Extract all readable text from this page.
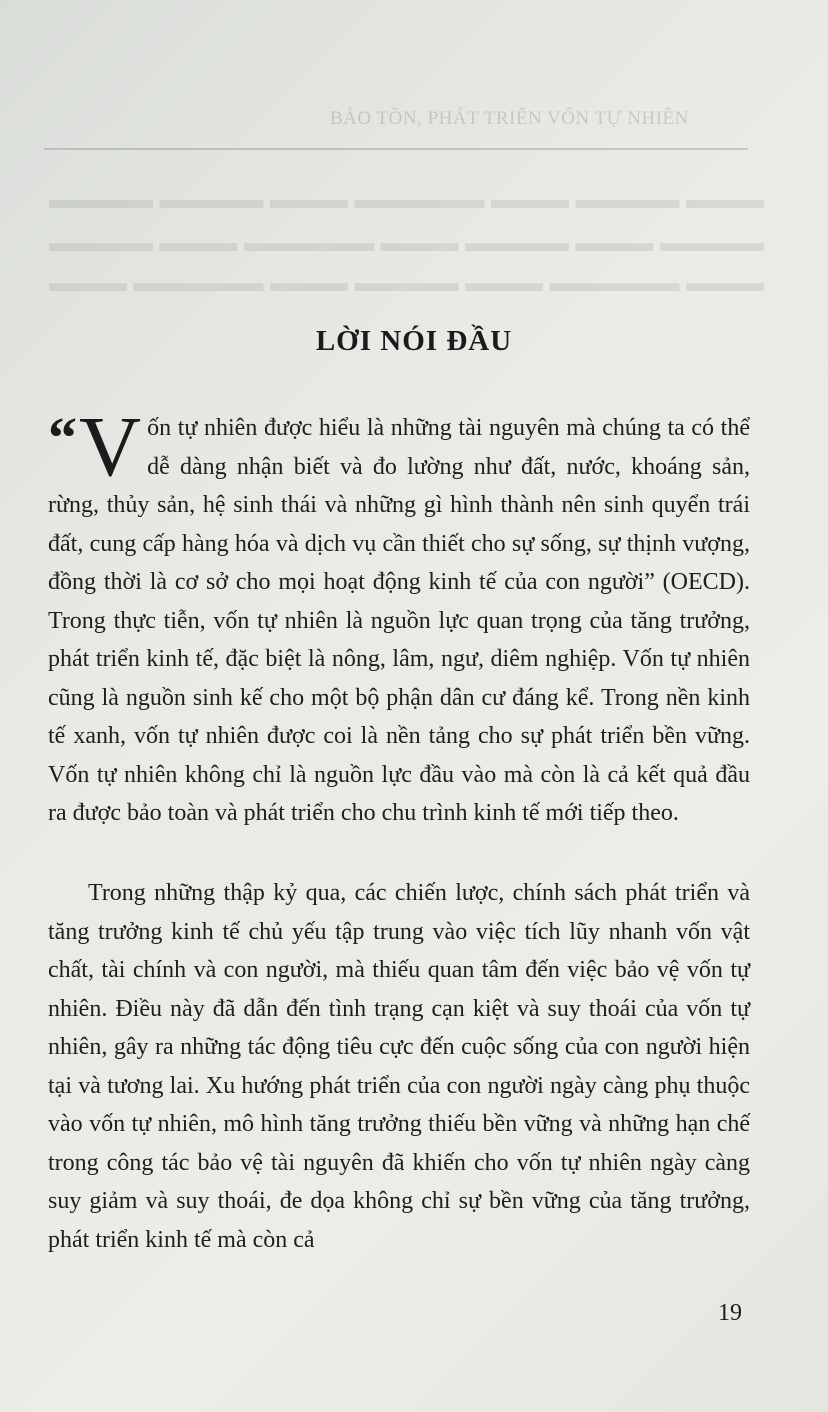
BẢO TỒN, PHÁT TRIỂN VỐN TỰ NHIÊN
▬▬▬ ▬▬▬▬ ▬▬▬ ▬▬▬▬▬ ▬▬▬ ▬▬▬▬ ▬▬▬▬
▬▬▬▬ ▬▬▬ ▬▬▬▬ ▬▬▬ ▬▬▬▬▬ ▬▬▬ ▬▬▬▬
▬▬▬ ▬▬▬▬▬ ▬▬▬ ▬▬▬▬ ▬▬▬ ▬▬▬▬▬ ▬▬▬
LỜI NÓI ĐẦU

“ V ốn tự nhiên được hiểu là những tài nguyên mà chúng ta có thể dễ dàng nhận biết và đo lường như đất, nước, khoáng sản, rừng, thủy sản, hệ sinh thái và những gì hình thành nên sinh quyển trái đất, cung cấp hàng hóa và dịch vụ cần thiết cho sự sống, sự thịnh vượng, đồng thời là cơ sở cho mọi hoạt động kinh tế của con người” (OECD). Trong thực tiễn, vốn tự nhiên là nguồn lực quan trọng của tăng trưởng, phát triển kinh tế, đặc biệt là nông, lâm, ngư, diêm nghiệp. Vốn tự nhiên cũng là nguồn sinh kế cho một bộ phận dân cư đáng kể. Trong nền kinh tế xanh, vốn tự nhiên được coi là nền tảng cho sự phát triển bền vững. Vốn tự nhiên không chỉ là nguồn lực đầu vào mà còn là cả kết quả đầu ra được bảo toàn và phát triển cho chu trình kinh tế mới tiếp theo.

Trong những thập kỷ qua, các chiến lược, chính sách phát triển và tăng trưởng kinh tế chủ yếu tập trung vào việc tích lũy nhanh vốn vật chất, tài chính và con người, mà thiếu quan tâm đến việc bảo vệ vốn tự nhiên. Điều này đã dẫn đến tình trạng cạn kiệt và suy thoái của vốn tự nhiên, gây ra những tác động tiêu cực đến cuộc sống của con người hiện tại và tương lai. Xu hướng phát triển của con người ngày càng phụ thuộc vào vốn tự nhiên, mô hình tăng trưởng thiếu bền vững và những hạn chế trong công tác bảo vệ tài nguyên đã khiến cho vốn tự nhiên ngày càng suy giảm và suy thoái, đe dọa không chỉ sự bền vững của tăng trưởng, phát triển kinh tế mà còn cả

19
